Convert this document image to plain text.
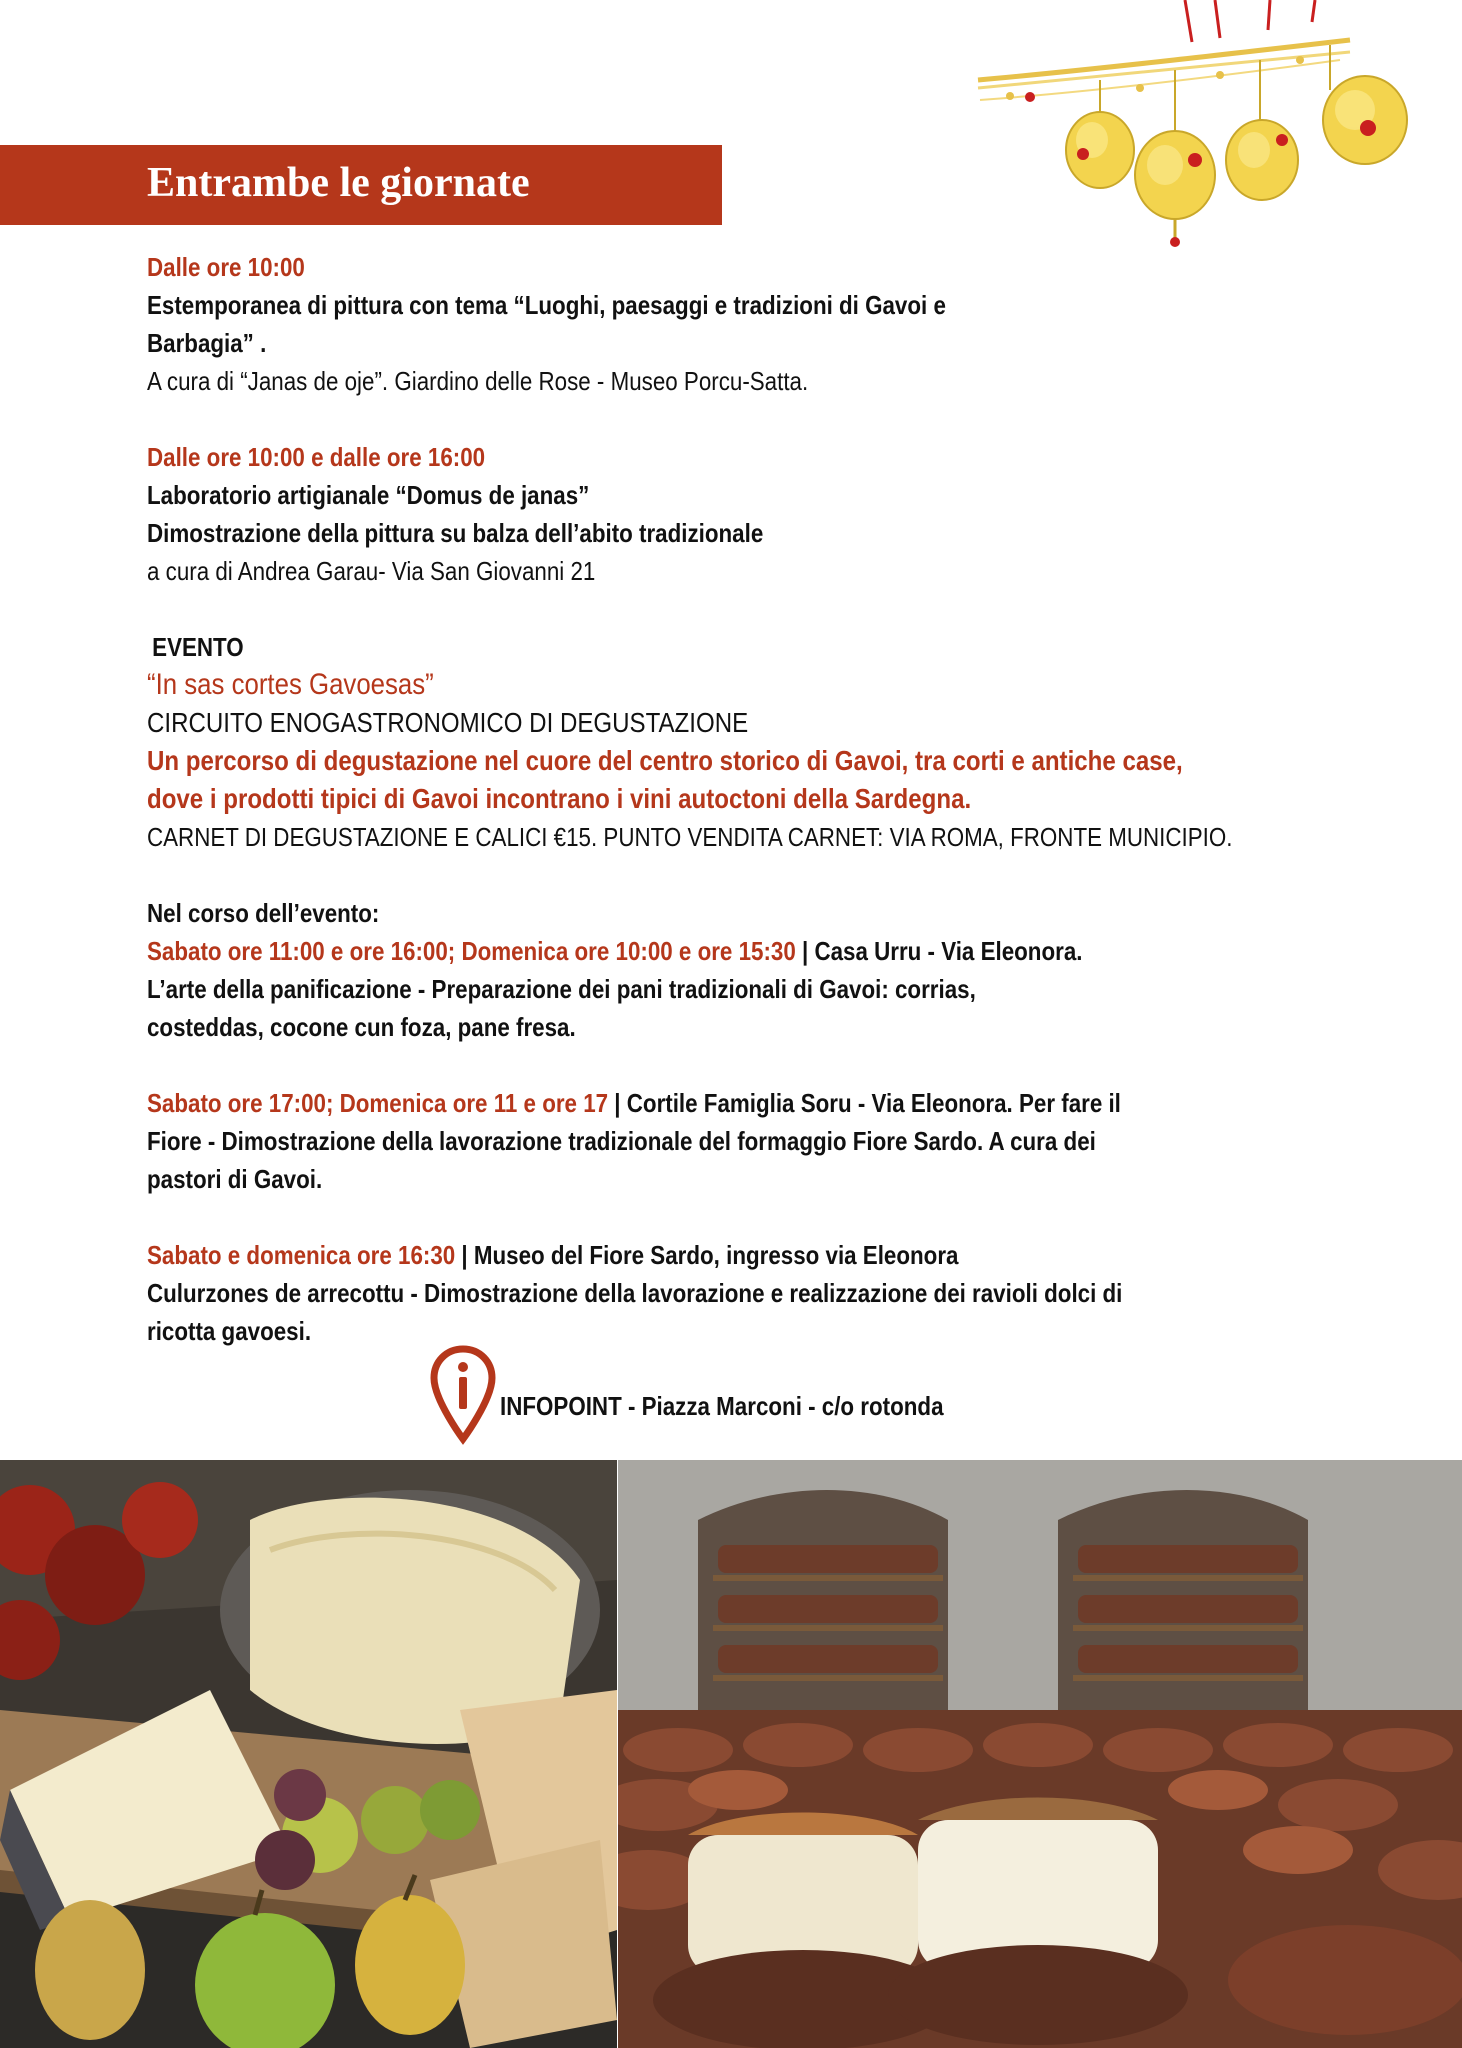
Entrambe le giornate
Dalle ore 10:00
Estemporanea di pittura con tema “Luoghi, paesaggi e tradizioni di Gavoi e
Barbagia” .
A cura di “Janas de oje”. Giardino delle Rose - Museo Porcu-Satta.
Dalle ore 10:00 e dalle ore 16:00
Laboratorio artigianale “Domus de janas”
Dimostrazione della pittura su balza dell’abito tradizionale
a cura di Andrea Garau- Via San Giovanni 21
EVENTO
“In sas cortes Gavoesas”
CIRCUITO ENOGASTRONOMICO DI DEGUSTAZIONE
Un percorso di degustazione nel cuore del centro storico di Gavoi, tra corti e antiche case,
dove i prodotti tipici di Gavoi incontrano i vini autoctoni della Sardegna.
CARNET DI DEGUSTAZIONE E CALICI €15. PUNTO VENDITA CARNET: VIA ROMA, FRONTE MUNICIPIO.
Nel corso dell’evento:
Sabato ore 11:00 e ore 16:00; Domenica ore 10:00 e ore 15:30 | Casa Urru - Via Eleonora.
L’arte della panificazione - Preparazione dei pani tradizionali di Gavoi: corrias,
costeddas, cocone cun foza, pane fresa.
Sabato ore 17:00; Domenica ore 11 e ore 17 | Cortile Famiglia Soru - Via Eleonora. Per fare il
Fiore - Dimostrazione della lavorazione tradizionale del formaggio Fiore Sardo. A cura dei
pastori di Gavoi.
Sabato e domenica ore 16:30 | Museo del Fiore Sardo, ingresso via Eleonora
Culurzones de arrecottu - Dimostrazione della lavorazione e realizzazione dei ravioli dolci di
ricotta gavoesi.
INFOPOINT - Piazza Marconi - c/o rotonda
